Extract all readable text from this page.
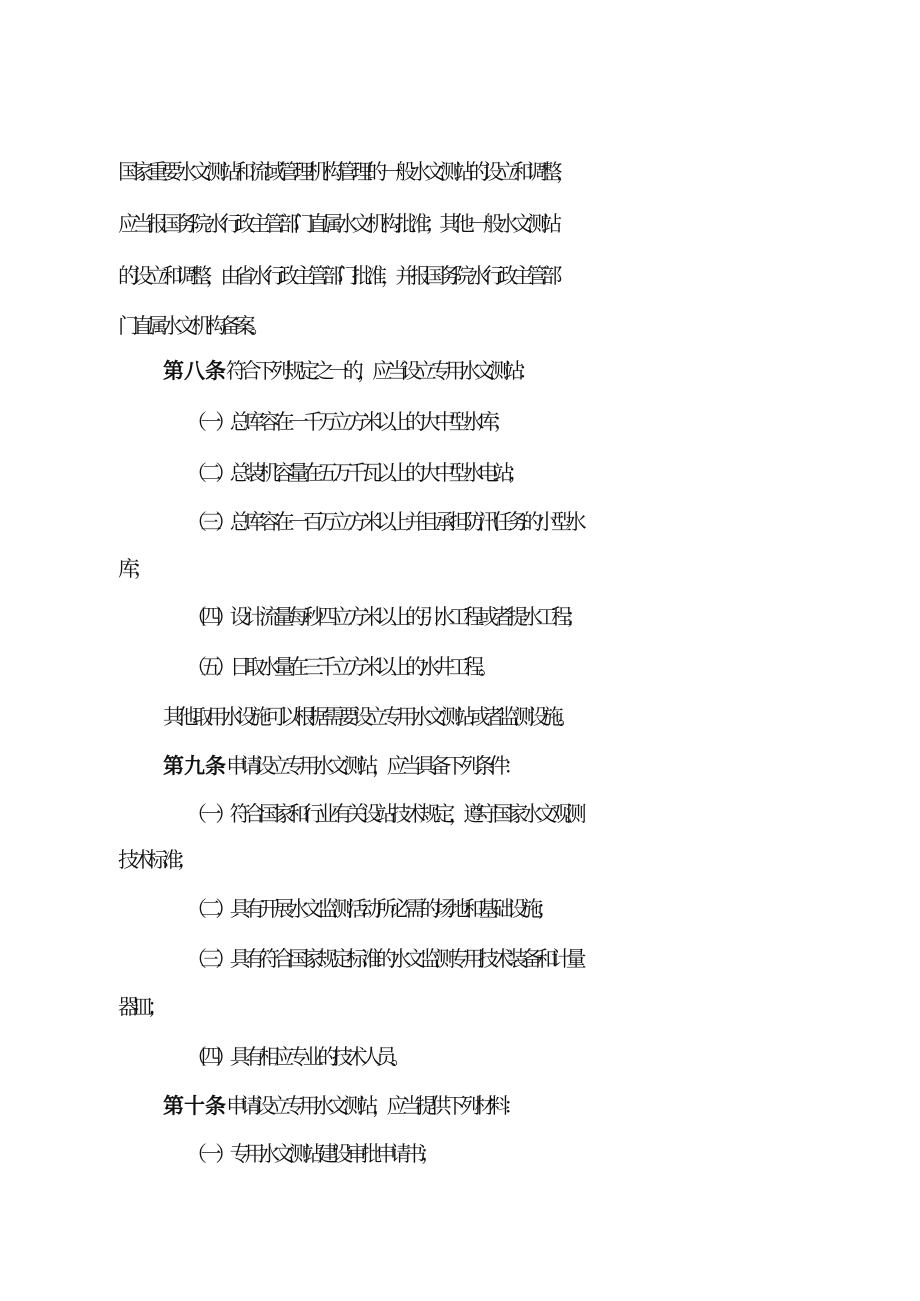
国家重要水文测站和流域管理机构管理的一般水文测站的设立和调整，
应当报国务院水行政主管部门直属水文机构批准；其他一般水文测站
的设立和调整，由省水行政主管部门批准，并报国务院水行政主管部
门直属水文机构备案。
第八条符合下列规定之一的，应当设立专用水文测站：
（一）总库容在一千万立方米以上的大中型水库；
（二）总装机容量在五万千瓦以上的大中型水电站；
（三）总库容在一百万立方米以上并且承担防汛任务的小型水
库；
（四）设计流量每秒四立方米以上的引水工程或者提水工程；
（五）日取水量在三千立方米以上的水井工程。
其他取用水设施可以根据需要设立专用水文测站或者监测设施。
第九条申请设立专用水文测站，应当具备下列条件：
（一）符合国家和行业有关设站技术规定，遵守国家水文观测
技术标准；
（二）具有开展水文监测活动所必需的场地和基础设施；
（三）具有符合国家规定标准的水文监测专用技术装备和计量
器皿；
（四）具有相应专业的技术人员。
第十条申请设立专用水文测站，应当提供下列材料：
（一）专用水文测站建设审批申请书；
